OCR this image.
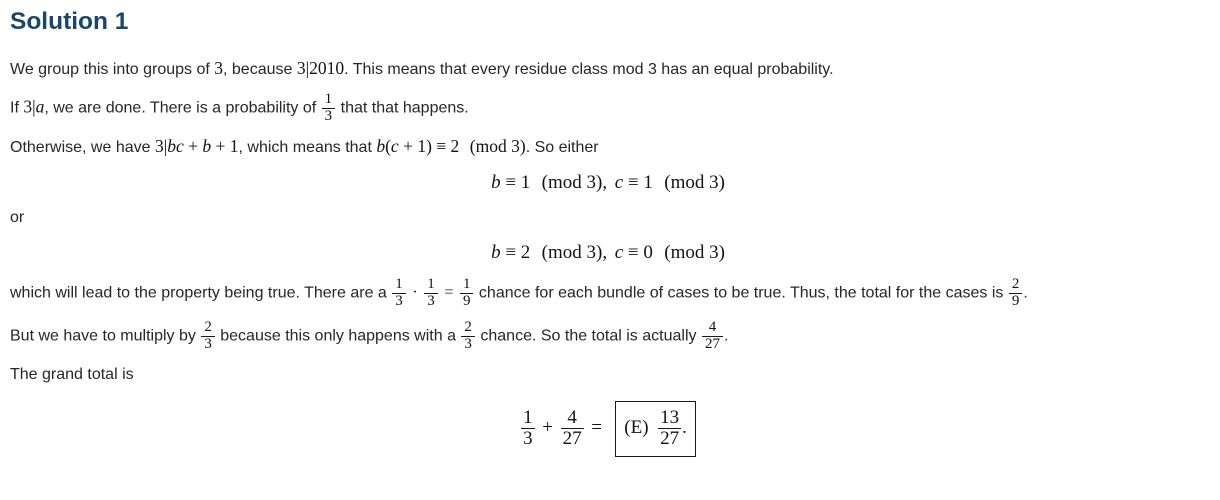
Solution 1

We group this into groups of 3, because 3|2010. This means that every residue class mod 3 has an equal probability.

If 3|a, we are done. There is a probability of $\frac{1}{3}$ that that happens.

Otherwise, we have 3|bc + b + 1, which means that b(c + 1) ≡ 2 (mod 3). So either

b ≡ 1 (mod 3), c ≡ 1 (mod 3)

or

b ≡ 2 (mod 3), c ≡ 0 (mod 3)

which will lead to the property being true. There are a $\frac{1}{3} \cdot \frac{1}{3} = \frac{1}{9}$ chance for each bundle of cases to be true. Thus, the total for the cases is $\frac{2}{9}$ .

But we have to multiply by $\frac{2}{3}$ because this only happens with a $\frac{2}{3}$ chance. So the total is actually $\frac{4}{27}$ .

The grand total is

$\frac{1}{3} + \frac{4}{27} = (E) \frac{13}{27}$ .
